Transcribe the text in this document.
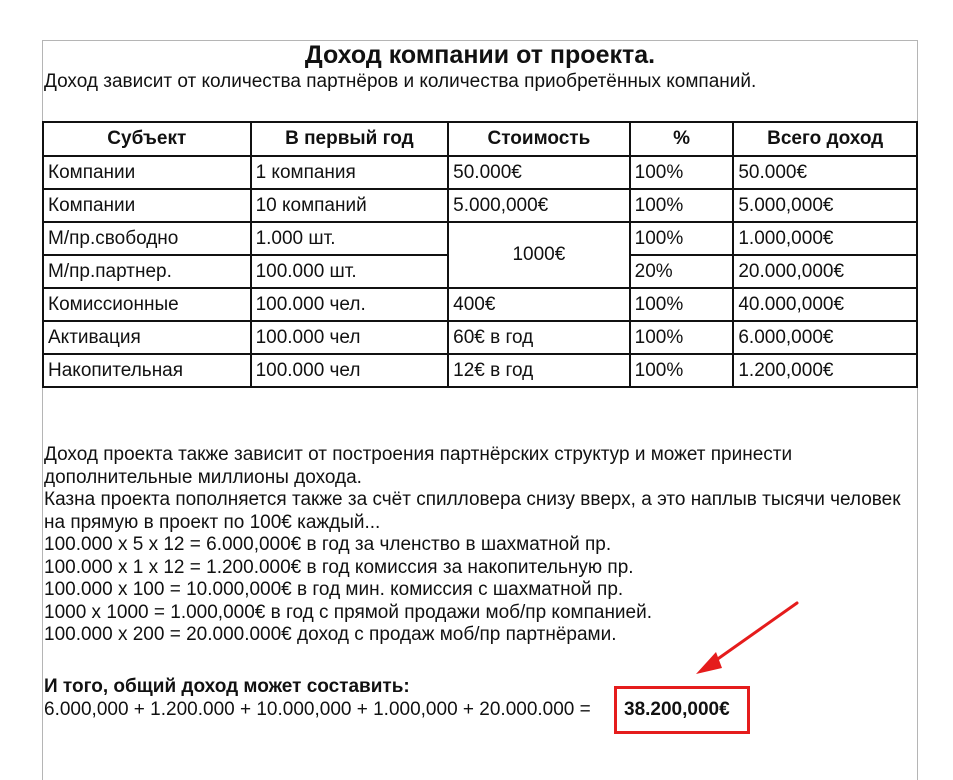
Доход компании от проекта.
Доход зависит от количества партнёров и количества приобретённых компаний.
Субъект	В первый год	Стоимость	%	Всего доход
Компании	1 компания	50.000€	100%	50.000€
Компании	10 компаний	5.000,000€	100%	5.000,000€
М/пр.свободно	1.000 шт.	1000€	100%	1.000,000€
М/пр.партнер.	100.000 шт.		20%	20.000,000€
Комиссионные	100.000 чел.	400€	100%	40.000,000€
Активация	100.000 чел	60€ в год	100%	6.000,000€
Накопительная	100.000 чел	12€ в год	100%	1.200,000€

Доход проекта также зависит от построения партнёрских структур и может принести дополнительные миллионы дохода.

Казна проекта пополняется также за счёт спилловера снизу вверх, а это наплыв тысячи человек на прямую в проект по 100€ каждый...

100.000 х 5 х 12 = 6.000,000€ в год за членство в шахматной пр.

100.000 х 1 х 12 = 1.200.000€ в год комиссия за накопительную пр.

100.000 х 100 = 10.000,000€ в год мин. комиссия с шахматной пр.

1000 х 1000 = 1.000,000€ в год с прямой продажи моб/пр компанией.

100.000 х 200 = 20.000.000€ доход с продаж моб/пр партнёрами.

И того, общий доход может составить:
6.000,000 + 1.200.000 + 10.000,000 + 1.000,000 + 20.000.000 = 38.200,000€
